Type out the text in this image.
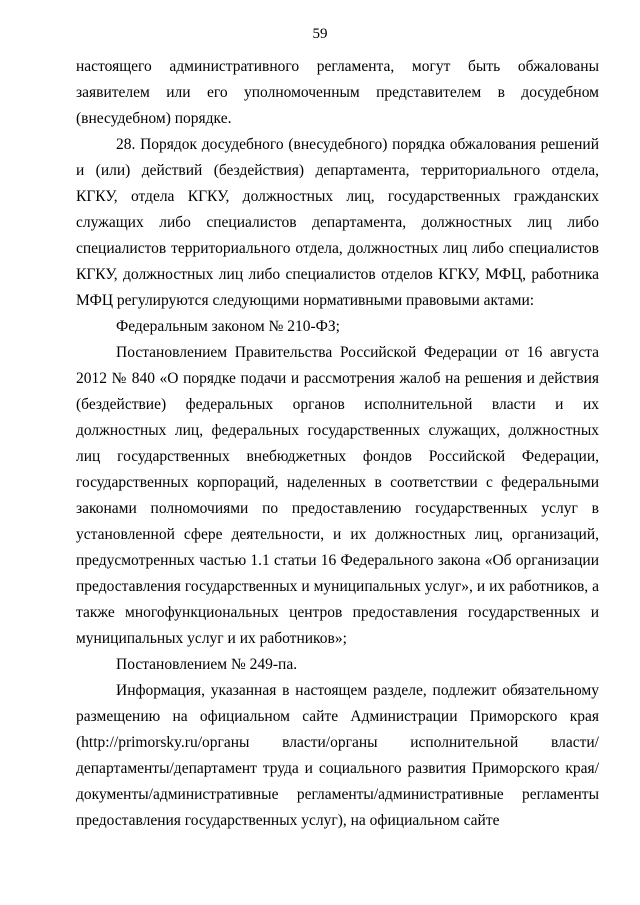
59

настоящего административного регламента, могут быть обжалованы заявителем или его уполномоченным представителем в досудебном (внесудебном) порядке.

28. Порядок досудебного (внесудебного) порядка обжалования решений и (или) действий (бездействия) департамента, территориального отдела, КГКУ, отдела КГКУ, должностных лиц, государственных гражданских служащих либо специалистов департамента, должностных лиц либо специалистов территориального отдела, должностных лиц либо специалистов КГКУ, должностных лиц либо специалистов отделов КГКУ, МФЦ, работника МФЦ регулируются следующими нормативными правовыми актами:

Федеральным законом № 210-ФЗ;

Постановлением Правительства Российской Федерации от 16 августа 2012 № 840 «О порядке подачи и рассмотрения жалоб на решения и действия (бездействие) федеральных органов исполнительной власти и их должностных лиц, федеральных государственных служащих, должностных лиц государственных внебюджетных фондов Российской Федерации, государственных корпораций, наделенных в соответствии с федеральными законами полномочиями по предоставлению государственных услуг в установленной сфере деятельности, и их должностных лиц, организаций, предусмотренных частью 1.1 статьи 16 Федерального закона «Об организации предоставления государственных и муниципальных услуг», и их работников, а также многофункциональных центров предоставления государственных и муниципальных услуг и их работников»;

Постановлением № 249-па.

Информация, указанная в настоящем разделе, подлежит обязательному размещению на официальном сайте Администрации Приморского края (http://primorsky.ru/органы власти/органы исполнительной власти/департаменты/департамент труда и социального развития Приморского края/ документы/административные регламенты/административные регламенты предоставления государственных услуг), на официальном сайте
